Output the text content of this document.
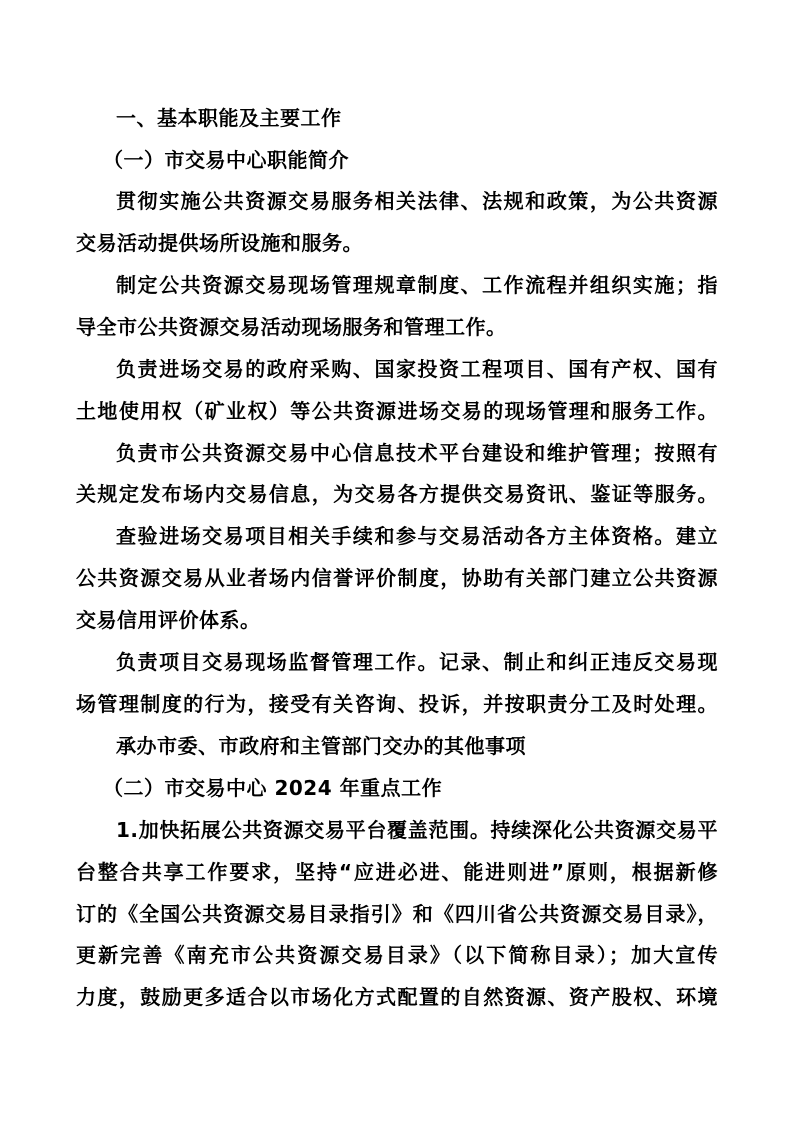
一、基本职能及主要工作
（一）市交易中心职能简介
贯彻实施公共资源交易服务相关法律、法规和政策，为公共资源
交易活动提供场所设施和服务。
制定公共资源交易现场管理规章制度、工作流程并组织实施；指
导全市公共资源交易活动现场服务和管理工作。
负责进场交易的政府采购、国家投资工程项目、国有产权、国有
土地使用权（矿业权）等公共资源进场交易的现场管理和服务工作。
负责市公共资源交易中心信息技术平台建设和维护管理；按照有
关规定发布场内交易信息，为交易各方提供交易资讯、鉴证等服务。
查验进场交易项目相关手续和参与交易活动各方主体资格。建立
公共资源交易从业者场内信誉评价制度，协助有关部门建立公共资源
交易信用评价体系。
负责项目交易现场监督管理工作。记录、制止和纠正违反交易现
场管理制度的行为，接受有关咨询、投诉，并按职责分工及时处理。
承办市委、市政府和主管部门交办的其他事项
（二）市交易中心 2024 年重点工作
1.加快拓展公共资源交易平台覆盖范围。持续深化公共资源交易平
台整合共享工作要求，坚持“应进必进、能进则进”原则，根据新修
订的《全国公共资源交易目录指引》和《四川省公共资源交易目录》，
更新完善《南充市公共资源交易目录》（以下简称目录）；加大宣传
力度，鼓励更多适合以市场化方式配置的自然资源、资产股权、环境
